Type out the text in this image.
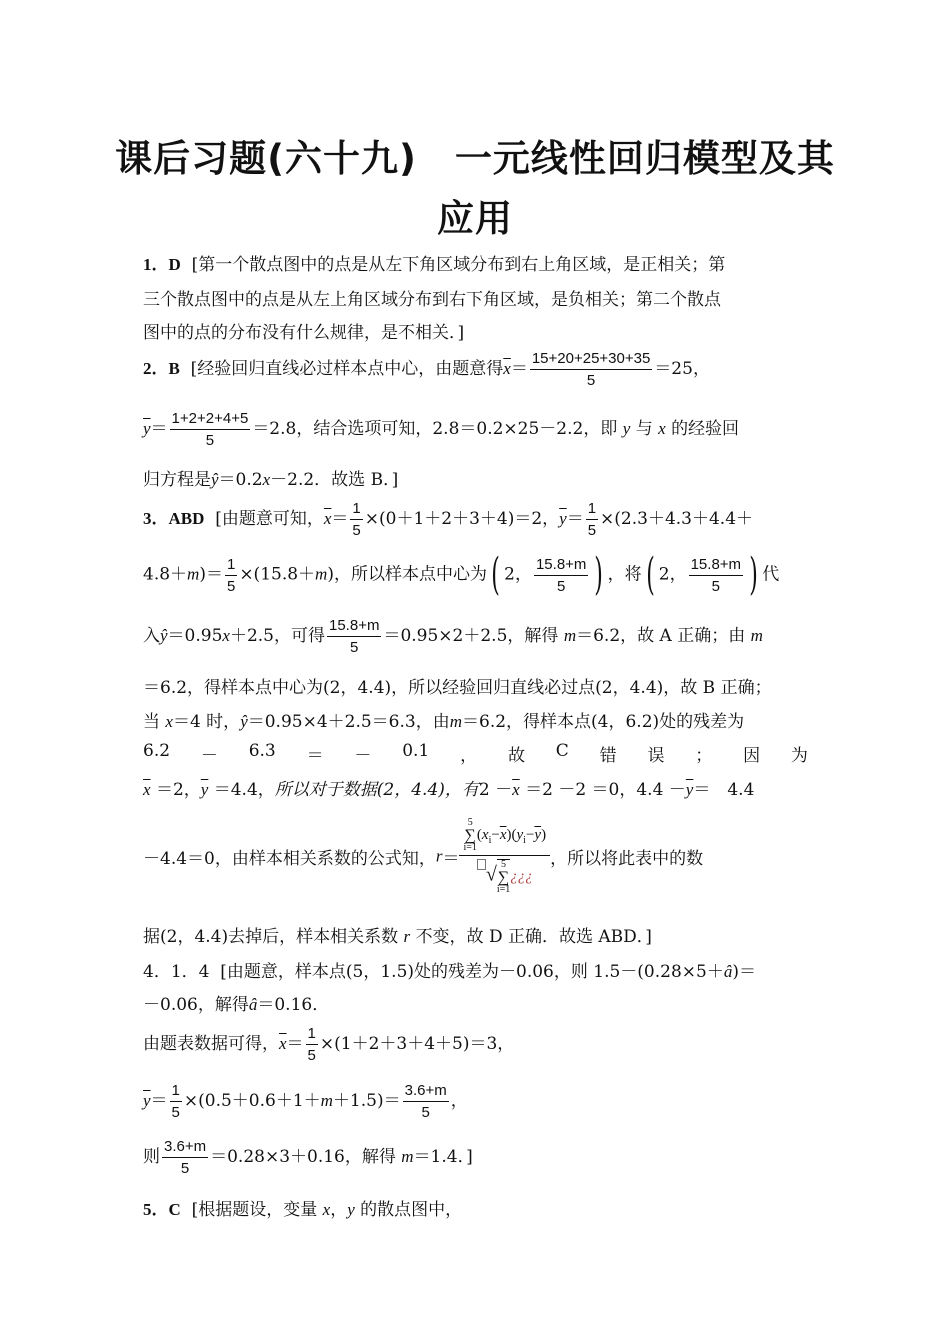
课后习题(六十九)　一元线性回归模型及其
应用
1．D [第一个散点图中的点是从左下角区域分布到右上角区域，是正相关；第
三个散点图中的点是从左上角区域分布到右下角区域，是负相关；第二个散点
图中的点的分布没有什么规律，是不相关．]
2．B [经验回归直线必过样本点中心，由题意得$\overline{x}= \frac{15+20+25+30+35}{5} =25$，
$\overline{y}= \frac{1+2+2+4+5}{5} =2.8$，结合选项可知，2.8＝0.2×25－2.2，即 y 与 x 的经验回
归方程是ŷ＝0.2x－2.2．故选 B．]
3．ABD [由题意可知，$\overline{x}= \frac{1}{5} \times(0+1+2+3+4)=2$，$\overline{y}= \frac{1}{5} \times(2.3+4.3+4.4+$
$4.8+m)= \frac{1}{5} \times(15.8+m)$，所以样本点中心为( 2， $\frac{15.8+m}{5}$ ) ，将( 2， $\frac{15.8+m}{5}$ ) 代
入ŷ＝0.95x＋2.5，可得 $\frac{15.8+m}{5} =0.95\times 2+2.5$，解得 m＝6.2，故 A 正确；由 m
＝6.2，得样本点中心为(2，4.4)，所以经验回归直线必过点(2，4.4)，故 B 正确；
当 x＝4 时，ŷ＝0.95×4＋2.5＝6.3，由m＝6.2，得样本点(4，6.2)处的残差为
6.2 － 6.3 ＝ － 0.1 ， 故 C 错 误 ； 因 为
$\overline{x} =2$，$\overline{y} =4.4$，所以对于数据(2，4.4)，有$2 -\overline{x} =2 -2 =0$，$4.4 -\overline{y}=$　4.4
－4.4＝0，由样本相关系数的公式知，r＝ 5
∑
i=1
$(x_i-\overline{x})(y_i-\overline{y})$
√ 5
∑
i=1
¿¿¿ ，所以将此表中的数
据(2，4.4)去掉后，样本相关系数 r 不变，故 D 正确．故选 ABD．]
4．1．4 [由题意，样本点(5，1.5)处的残差为－0.06，则 1.5－(0.28×5＋â)＝
－0.06，解得â＝0.16．
由题表数据可得，$\overline{x}= \frac{1}{5} \times(1+2+3+4+5)=3$，
$\overline{y}= \frac{1}{5} \times(0.5+0.6+1+m+1.5)= \frac{3.6+m}{5}$ ，
则 $\frac{3.6+m}{5} =0.28\times 3+0.16$，解得 m＝1.4．]
5．C [根据题设，变量 x，y 的散点图中，
